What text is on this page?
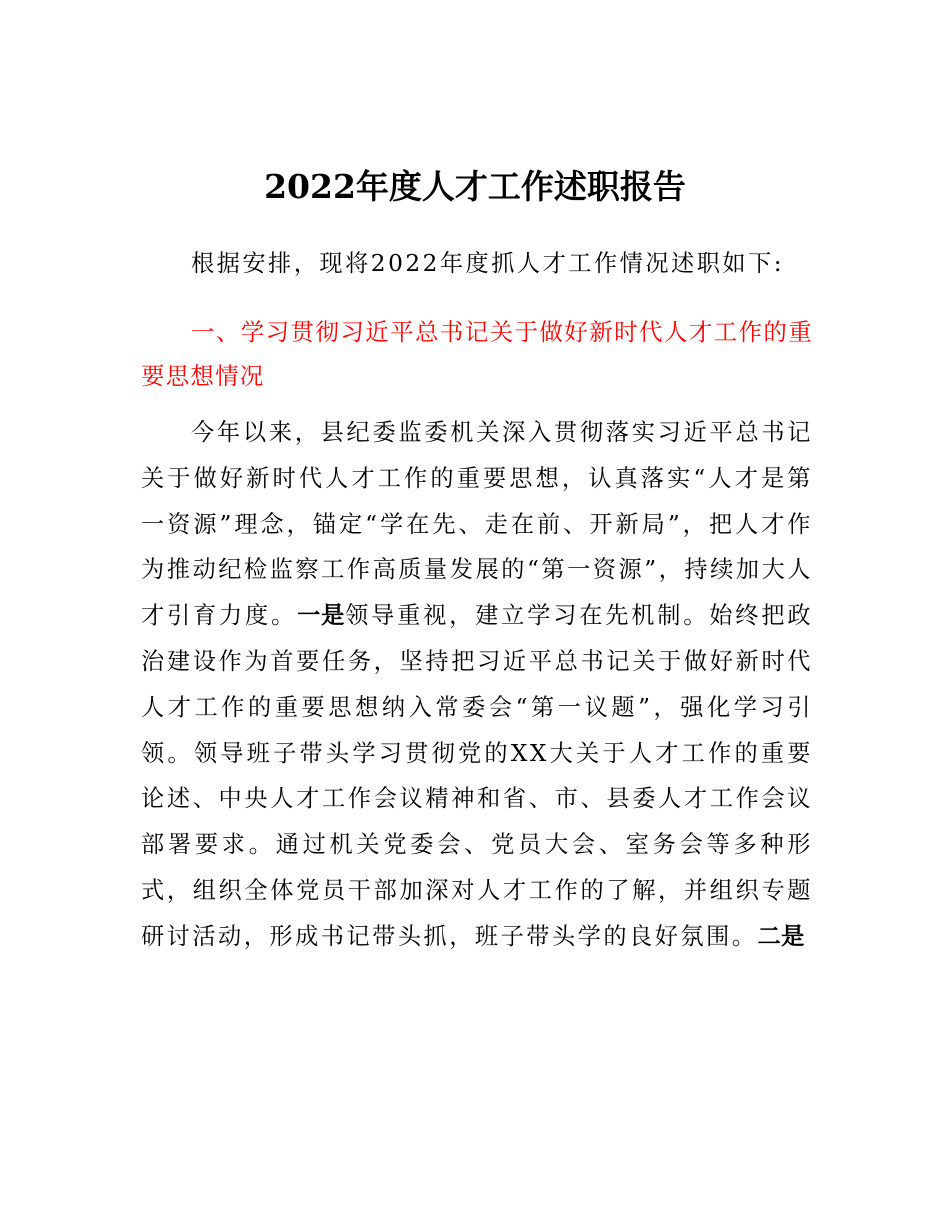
2022年度人才工作述职报告

根据安排，现将2022年度抓人才工作情况述职如下:

一、学习贯彻习近平总书记关于做好新时代人才工作的重要思想情况

今年以来，县纪委监委机关深入贯彻落实习近平总书记关于做好新时代人才工作的重要思想，认真落实“人才是第一资源”理念，锚定“学在先、走在前、开新局”，把人才作为推动纪检监察工作高质量发展的“第一资源”，持续加大人才引育力度。一是领导重视，建立学习在先机制。始终把政治建设作为首要任务，坚持把习近平总书记关于做好新时代人才工作的重要思想纳入常委会“第一议题”，强化学习引领。领导班子带头学习贯彻党的XX大关于人才工作的重要论述、中央人才工作会议精神和省、市、县委人才工作会议部署要求。通过机关党委会、党员大会、室务会等多种形式，组织全体党员干部加深对人才工作的了解，并组织专题研讨活动，形成书记带头抓，班子带头学的良好氛围。二是
